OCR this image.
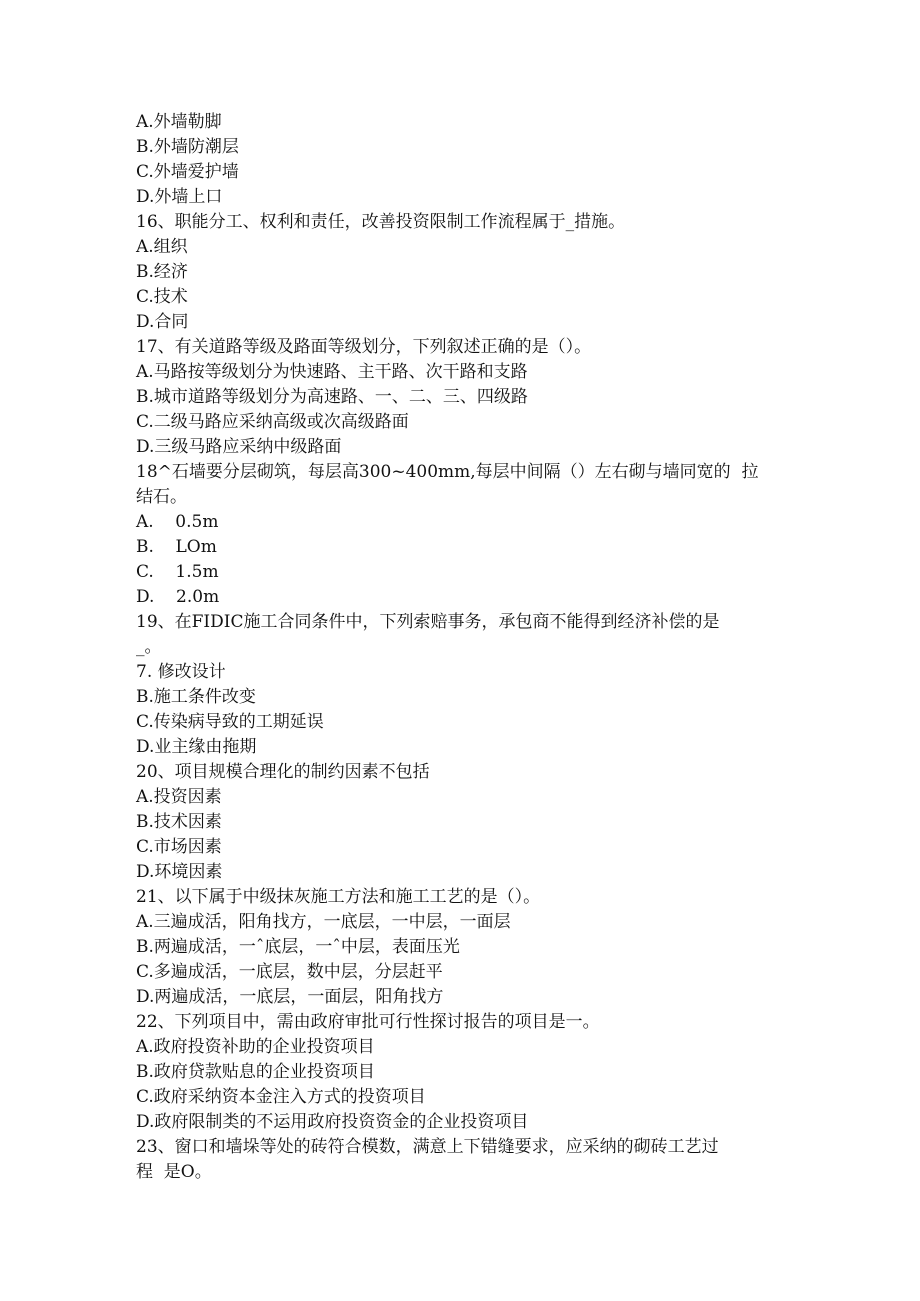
A.外墙勒脚
B.外墙防潮层
C.外墙爱护墙
D.外墙上口
16、职能分工、权利和责任，改善投资限制工作流程属于_措施。
A.组织
B.经济
C.技术
D.合同
17、有关道路等级及路面等级划分，下列叙述正确的是（）。
A.马路按等级划分为快速路、主干路、次干路和支路
B.城市道路等级划分为高速路、一、二、三、四级路
C.二级马路应采纳高级或次高级路面
D.三级马路应采纳中级路面
18^石墙要分层砌筑，每层高300~400mm,每层中间隔（）左右砌与墙同宽的  拉
结石。
A.    0.5m
B.    LOm
C.    1.5m
D.    2.0m
19、在FIDIC施工合同条件中，下列索赔事务，承包商不能得到经济补偿的是
_。
7. 修改设计
B.施工条件改变
C.传染病导致的工期延误
D.业主缘由拖期
20、项目规模合理化的制约因素不包括
A.投资因素
B.技术因素
C.市场因素
D.环境因素
21、以下属于中级抹灰施工方法和施工工艺的是（）。
A.三遍成活，阳角找方，一底层，一中层，一面层
B.两遍成活，一ˆ底层，一ˆ中层，表面压光
C.多遍成活，一底层，数中层，分层赶平
D.两遍成活，一底层，一面层，阳角找方
22、下列项目中，需由政府审批可行性探讨报告的项目是一。
A.政府投资补助的企业投资项目
B.政府贷款贴息的企业投资项目
C.政府采纳资本金注入方式的投资项目
D.政府限制类的不运用政府投资资金的企业投资项目
23、窗口和墙垛等处的砖符合模数，满意上下错缝要求，应采纳的砌砖工艺过
程  是O。
